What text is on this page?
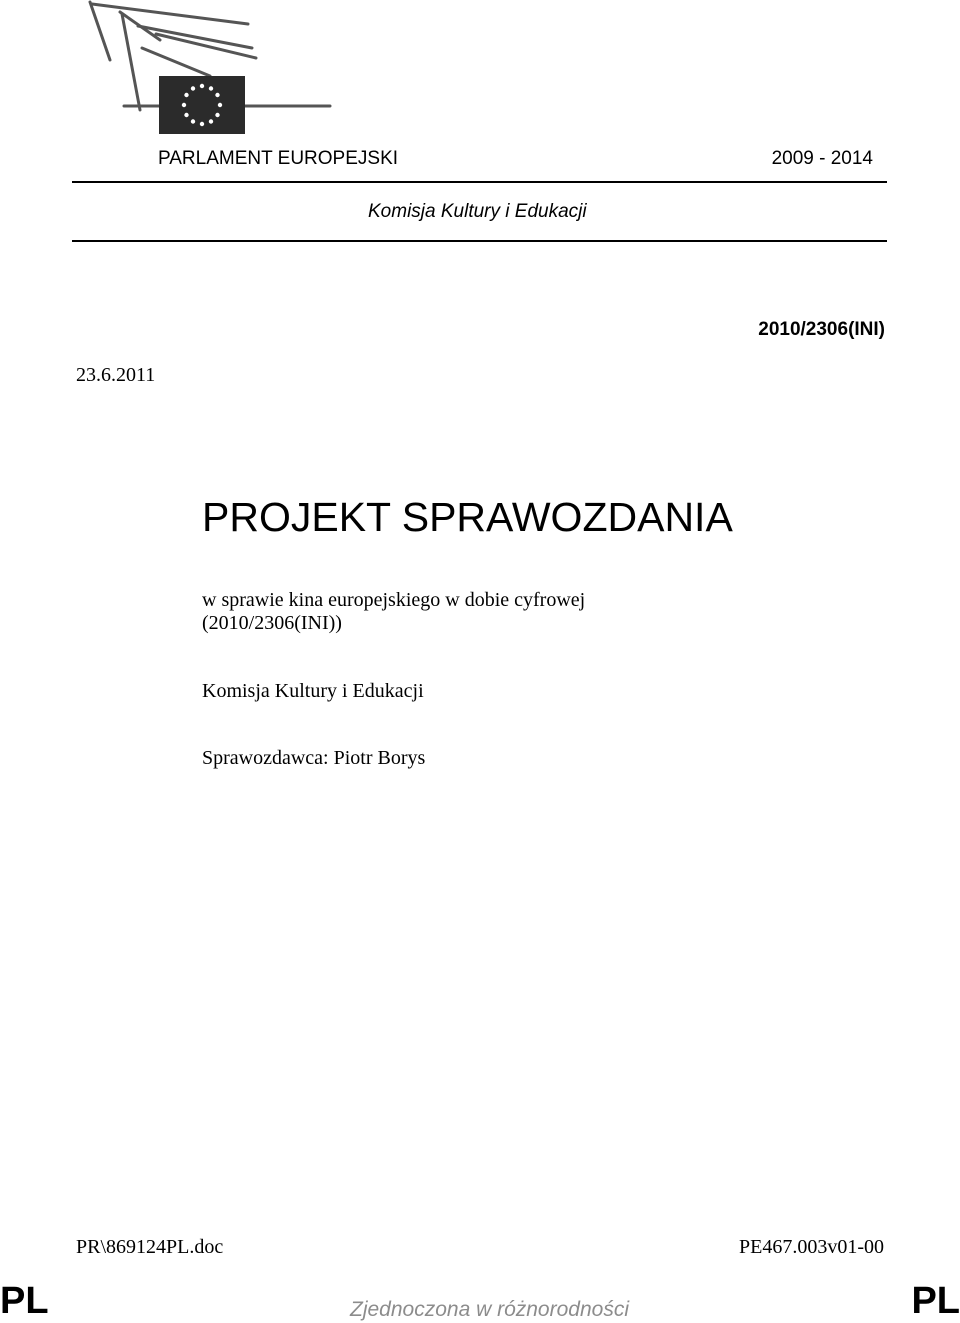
PARLAMENT EUROPEJSKI	2009 - 2014
Komisja Kultury i Edukacji
2010/2306(INI)
23.6.2011
PROJEKT SPRAWOZDANIA
w sprawie kina europejskiego w dobie cyfrowej
(2010/2306(INI))
Komisja Kultury i Edukacji
Sprawozdawca: Piotr Borys
PR\869124PL.doc	PE467.003v01-00
PL	Zjednoczona w różnorodności	PL
